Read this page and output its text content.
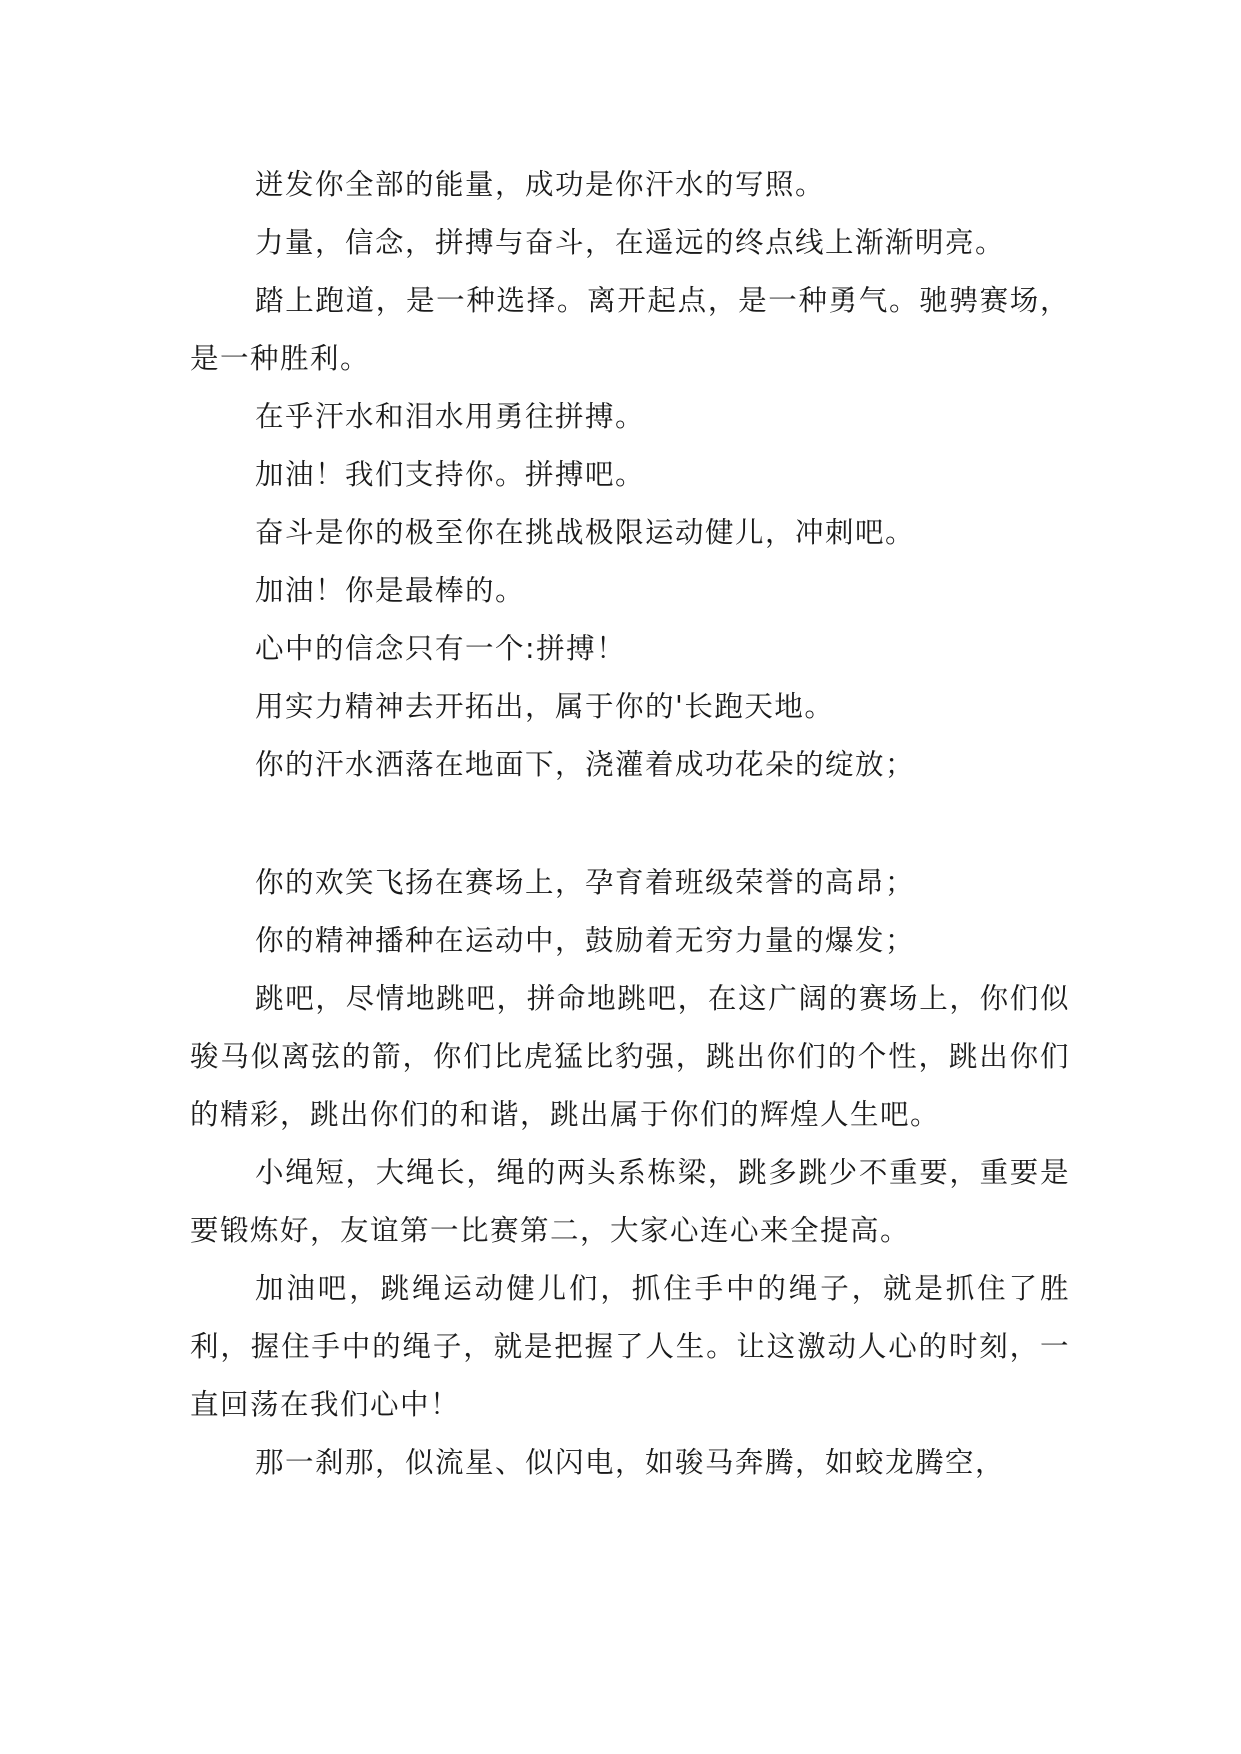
迸发你全部的能量，成功是你汗水的写照。

力量，信念，拼搏与奋斗，在遥远的终点线上渐渐明亮。

踏上跑道，是一种选择。离开起点，是一种勇气。驰骋赛场，是一种胜利。

在乎汗水和泪水用勇往拼搏。

加油！我们支持你。拼搏吧。

奋斗是你的极至你在挑战极限运动健儿，冲刺吧。

加油！你是最棒的。

心中的信念只有一个:拼搏！

用实力精神去开拓出，属于你的'长跑天地。

你的汗水洒落在地面下，浇灌着成功花朵的绽放；

你的欢笑飞扬在赛场上，孕育着班级荣誉的高昂；

你的精神播种在运动中，鼓励着无穷力量的爆发；

跳吧，尽情地跳吧，拼命地跳吧，在这广阔的赛场上，你们似骏马似离弦的箭，你们比虎猛比豹强，跳出你们的个性，跳出你们的精彩，跳出你们的和谐，跳出属于你们的辉煌人生吧。

小绳短，大绳长，绳的两头系栋梁，跳多跳少不重要，重要是要锻炼好，友谊第一比赛第二，大家心连心来全提高。

加油吧，跳绳运动健儿们，抓住手中的绳子，就是抓住了胜利，握住手中的绳子，就是把握了人生。让这激动人心的时刻，一直回荡在我们心中！

那一刹那，似流星、似闪电，如骏马奔腾，如蛟龙腾空，
